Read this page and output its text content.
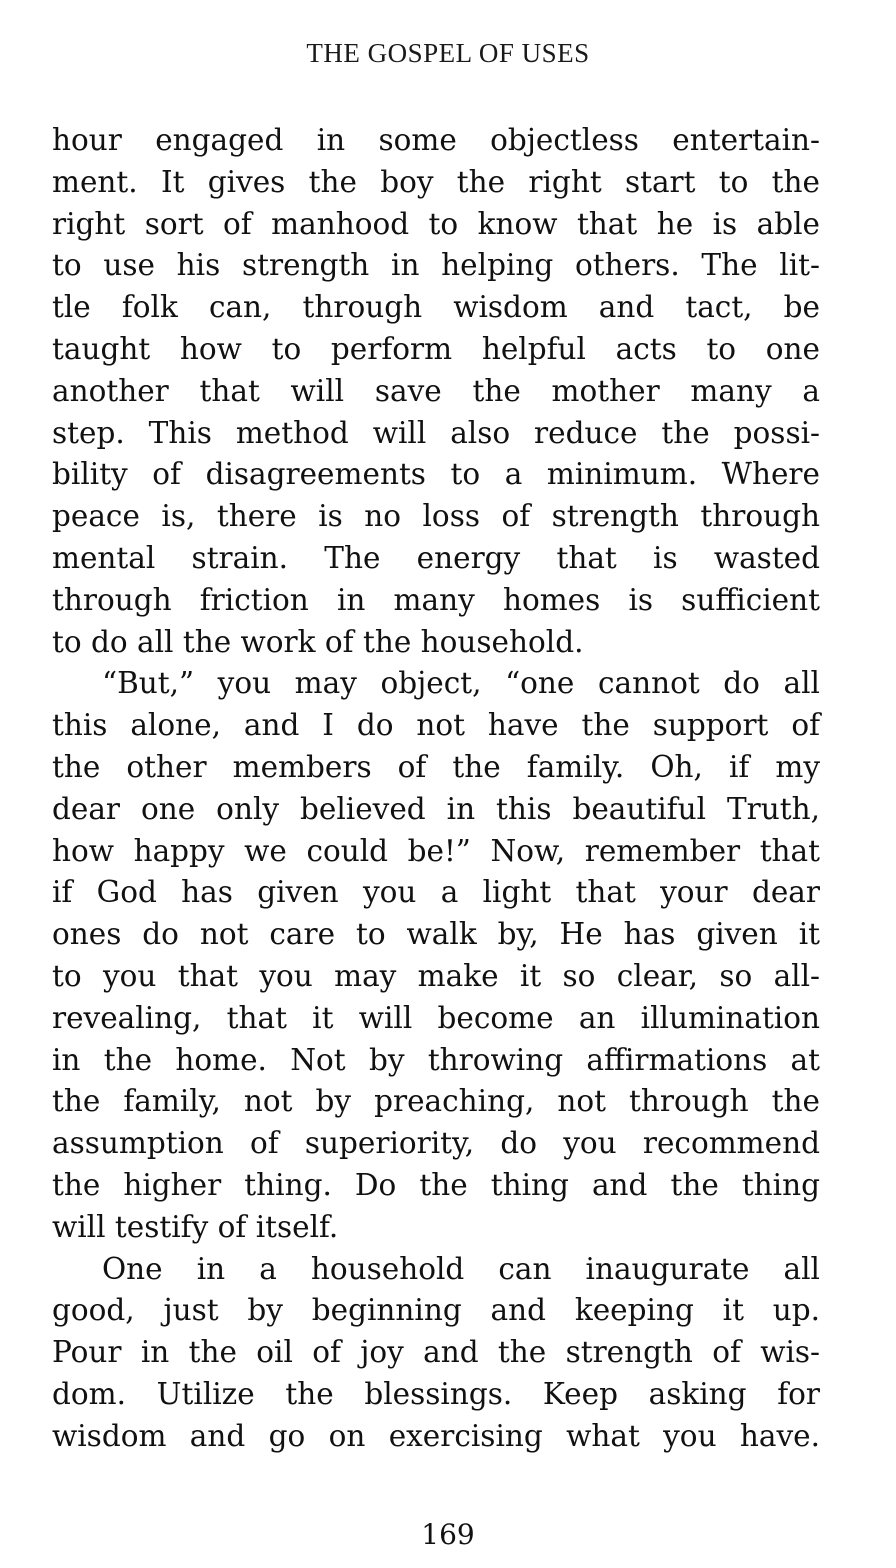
THE GOSPEL OF USES
hour engaged in some objectless entertain-
ment. It gives the boy the right start to the
right sort of manhood to know that he is able
to use his strength in helping others. The lit-
tle folk can, through wisdom and tact, be
taught how to perform helpful acts to one
another that will save the mother many a
step. This method will also reduce the possi-
bility of disagreements to a minimum. Where
peace is, there is no loss of strength through
mental strain. The energy that is wasted
through friction in many homes is sufficient
to do all the work of the household.
“But,” you may object, “one cannot do all
this alone, and I do not have the support of
the other members of the family. Oh, if my
dear one only believed in this beautiful Truth,
how happy we could be!” Now, remember that
if God has given you a light that your dear
ones do not care to walk by, He has given it
to you that you may make it so clear, so all-
revealing, that it will become an illumination
in the home. Not by throwing affirmations at
the family, not by preaching, not through the
assumption of superiority, do you recommend
the higher thing. Do the thing and the thing
will testify of itself.
One in a household can inaugurate all
good, just by beginning and keeping it up.
Pour in the oil of joy and the strength of wis-
dom. Utilize the blessings. Keep asking for
wisdom and go on exercising what you have.
169
